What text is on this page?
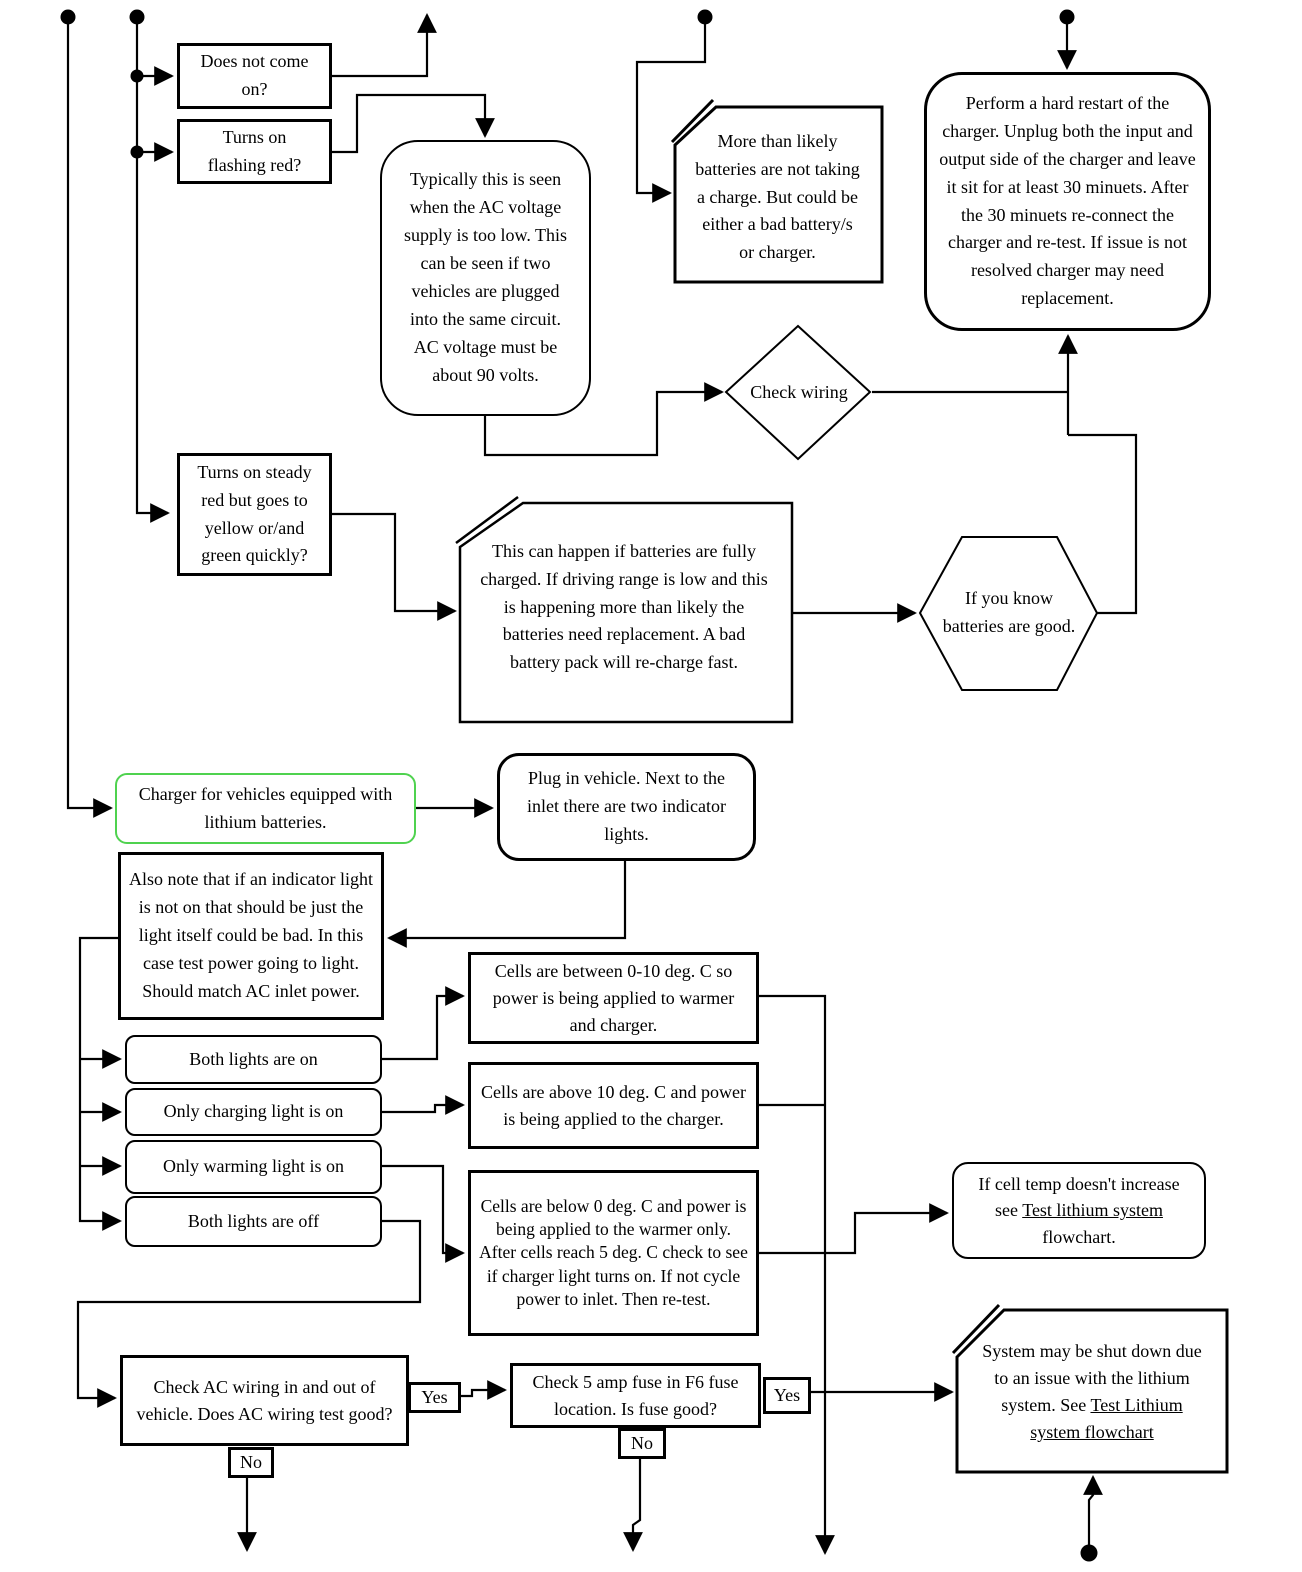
Does not come on?
Turns on flashing red?
Typically this is seen when the AC voltage supply is too low. This can be seen if two vehicles are plugged into the same circuit. AC voltage must be about 90 volts.
Perform a hard restart of the charger. Unplug both the input and output side of the charger and leave it sit for at least 30 minuets. After the 30 minuets re-connect the charger and re-test. If issue is not resolved charger may need replacement.
More than likely batteries are not taking a charge. But could be either a bad battery/s or charger.
Check wiring
Turns on steady red but goes to yellow or/and green quickly?	This can happen if batteries are fully charged. If driving range is low and this is happening more than likely the batteries need replacement. A bad battery pack will re-charge fast.
If you know batteries are good.
Charger for vehicles equipped with lithium batteries.
Plug in vehicle. Next to the inlet there are two indicator lights.
Also note that if an indicator light is not on that should be just the light itself could be bad. In this case test power going to light. Should match AC inlet power.
Both lights are on
Only charging light is on
Only warming light is on
Both lights are off
Cells are between 0-10 deg. C so power is being applied to warmer and charger.
Cells are above 10 deg. C and power is being applied to the charger.
Cells are below 0 deg. C and power is being applied to the warmer only. After cells reach 5 deg. C check to see if charger light turns on. If not cycle power to inlet. Then re-test.
If cell temp doesn't increase see Test lithium system flowchart.
Check AC wiring in and out of vehicle. Does AC wiring test good?
Yes
No
Check 5 amp fuse in F6 fuse location. Is fuse good?
Yes
No
System may be shut down due to an issue with the lithium system. See Test Lithium system flowchart
